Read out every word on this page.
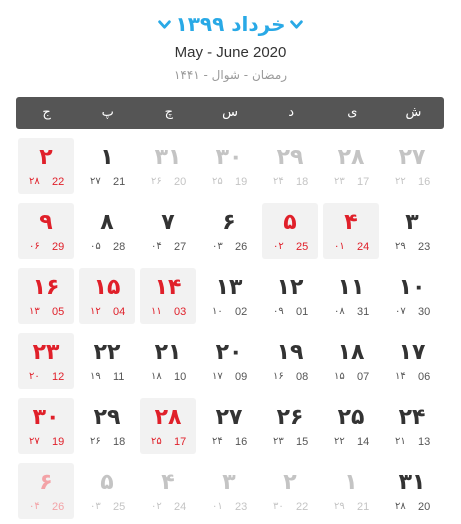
خرداد ۱۳۹۹
May - June 2020
رمضان - شوال - ۱۴۴۱
ش
ی
د
س
چ
پ
ج
۲۷
16
۲۲
۲۸
17
۲۳
۲۹
18
۲۴
۳۰
19
۲۵
۳۱
20
۲۶
۱
21
۲۷
۲
22
۲۸
۳
23
۲۹
۴
24
۰۱
۵
25
۰۲
۶
26
۰۳
۷
27
۰۴
۸
28
۰۵
۹
29
۰۶
۱۰
30
۰۷
۱۱
31
۰۸
۱۲
01
۰۹
۱۳
02
۱۰
۱۴
03
۱۱
۱۵
04
۱۲
۱۶
05
۱۳
۱۷
06
۱۴
۱۸
07
۱۵
۱۹
08
۱۶
۲۰
09
۱۷
۲۱
10
۱۸
۲۲
11
۱۹
۲۳
12
۲۰
۲۴
13
۲۱
۲۵
14
۲۲
۲۶
15
۲۳
۲۷
16
۲۴
۲۸
17
۲۵
۲۹
18
۲۶
۳۰
19
۲۷
۳۱
20
۲۸
۱
21
۲۹
۲
22
۳۰
۳
23
۰۱
۴
24
۰۲
۵
25
۰۳
۶
26
۰۴
